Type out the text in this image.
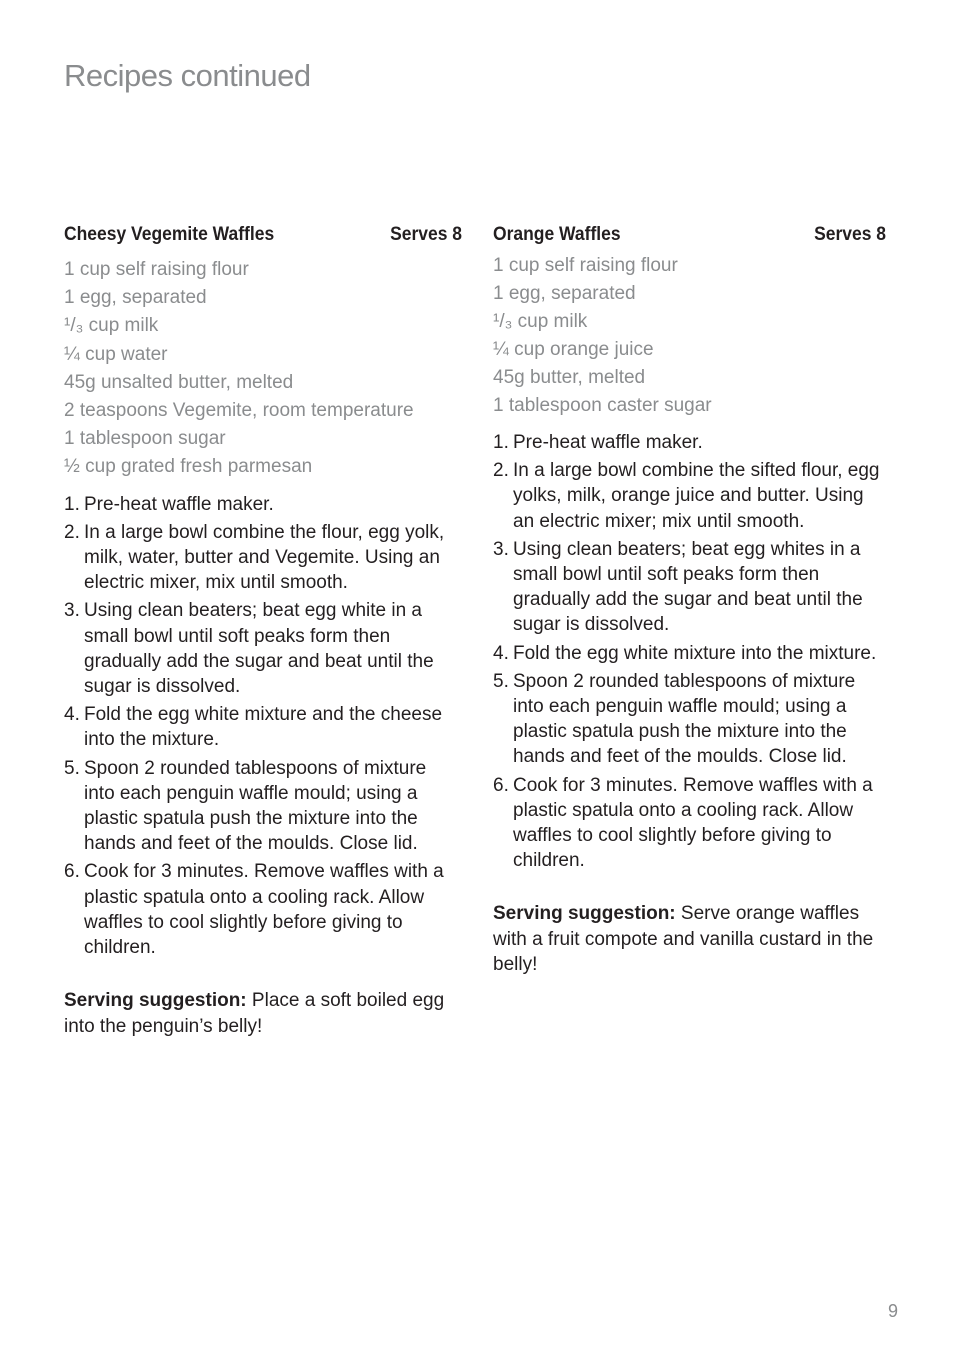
Recipes continued
Cheesy Vegemite Waffles	Serves 8
1 cup self raising flour
1 egg, separated
¹/₃ cup milk
¼ cup water
45g unsalted butter, melted
2 teaspoons Vegemite, room temperature
1 tablespoon sugar
½ cup grated fresh parmesan
1. Pre-heat waffle maker.
2. In a large bowl combine the flour, egg yolk, milk, water, butter and Vegemite. Using an electric mixer, mix until smooth.
3. Using clean beaters; beat egg white in a small bowl until soft peaks form then gradually add the sugar and beat until the sugar is dissolved.
4. Fold the egg white mixture and the cheese into the mixture.
5. Spoon 2 rounded tablespoons of mixture into each penguin waffle mould; using a plastic spatula push the mixture into the hands and feet of the moulds. Close lid.
6. Cook for 3 minutes. Remove waffles with a plastic spatula onto a cooling rack. Allow waffles to cool slightly before giving to children.

Serving suggestion: Place a soft boiled egg into the penguin’s belly!

Orange Waffles	Serves 8
1 cup self raising flour
1 egg, separated
¹/₃ cup milk
¼ cup orange juice
45g butter, melted
1 tablespoon caster sugar
1. Pre-heat waffle maker.
2. In a large bowl combine the sifted flour, egg yolks, milk, orange juice and butter. Using an electric mixer; mix until smooth.
3. Using clean beaters; beat egg whites in a small bowl until soft peaks form then gradually add the sugar and beat until the sugar is dissolved.
4. Fold the egg white mixture into the mixture.
5. Spoon 2 rounded tablespoons of mixture into each penguin waffle mould; using a plastic spatula push the mixture into the hands and feet of the moulds. Close lid.
6. Cook for 3 minutes. Remove waffles with a plastic spatula onto a cooling rack. Allow waffles to cool slightly before giving to children.

Serving suggestion: Serve orange waffles with a fruit compote and vanilla custard in the belly!

9
